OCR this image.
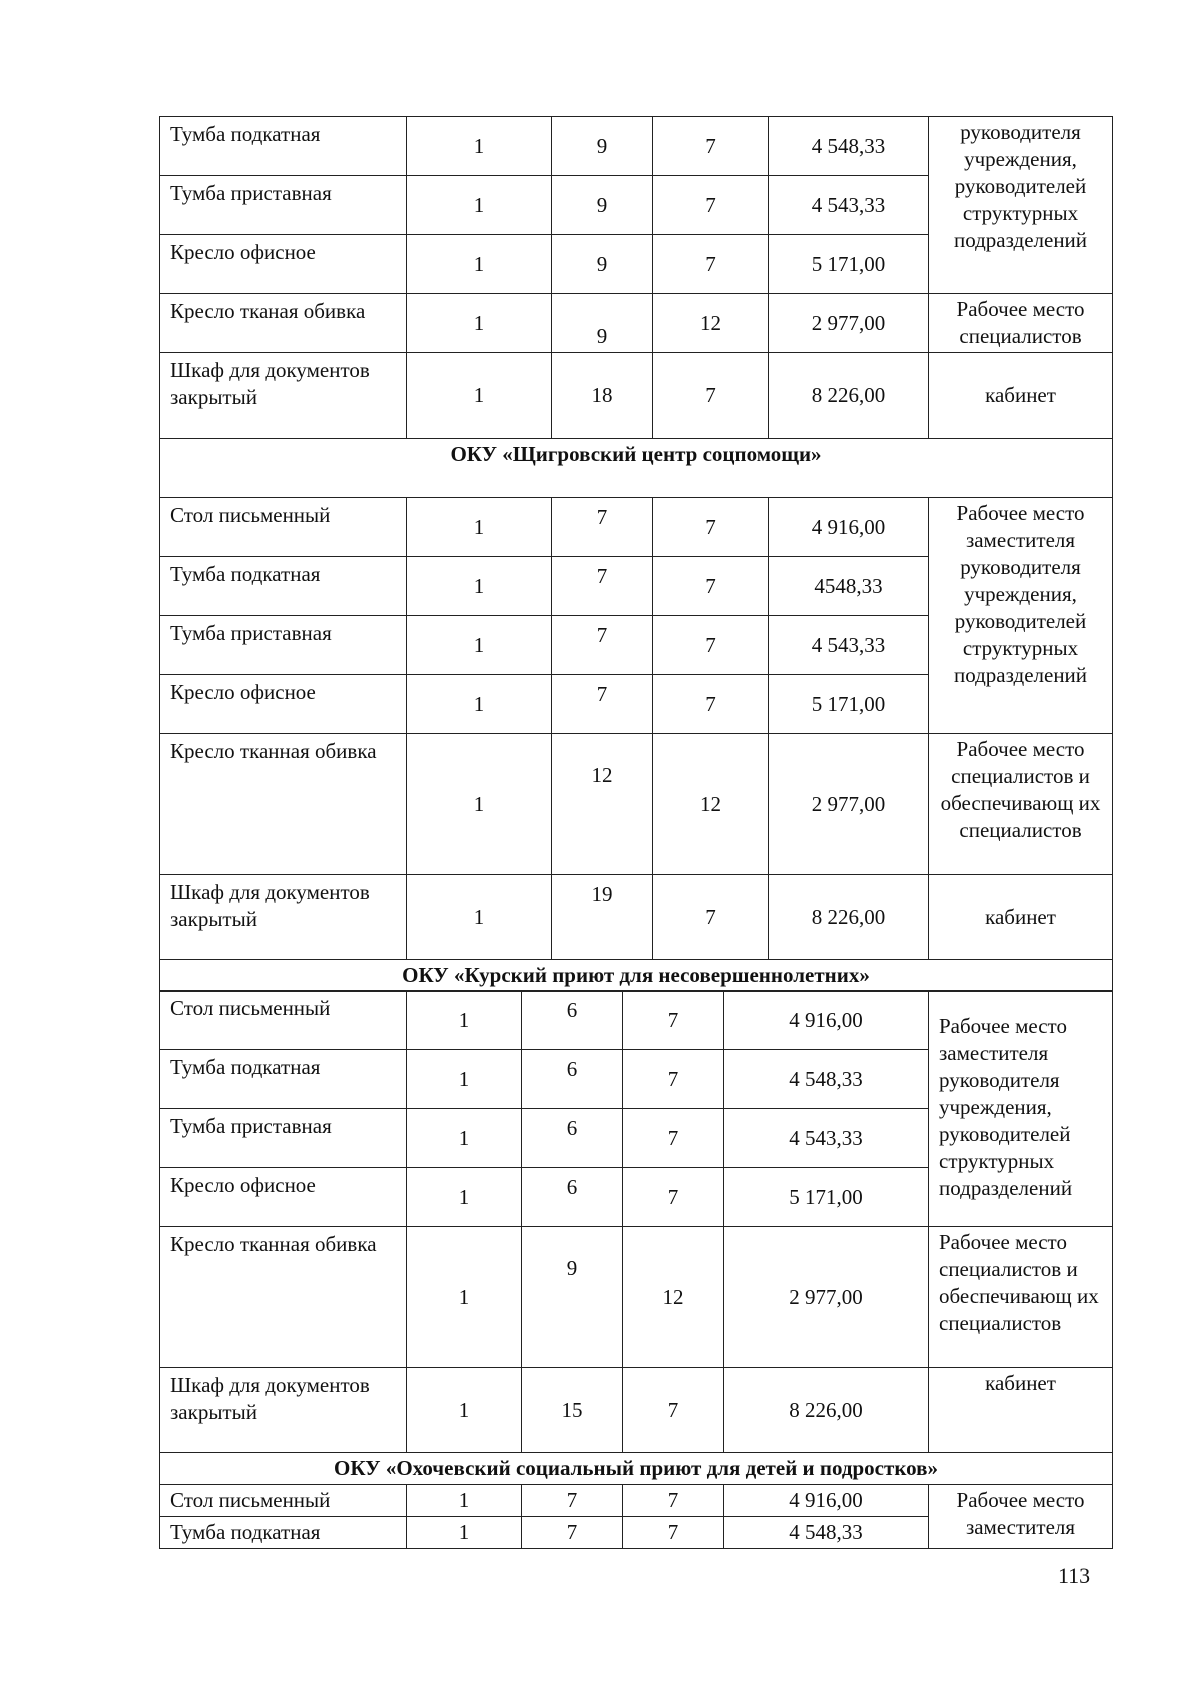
Тумба подкатная	1	9	7	4 548,33	руководителя учреждения, руководителей структурных подразделений
Тумба приставная	1	9	7	4 543,33	
Кресло офисное	1	9	7	5 171,00	
Кресло тканая обивка	1	9	12	2 977,00	Рабочее место специалистов
Шкаф для документов закрытый	1	18	7	8 226,00	кабинет
ОКУ «Щигровский центр соцпомощи»					
Стол письменный	1	7	7	4 916,00	Рабочее место заместителя руководителя учреждения, руководителей структурных подразделений
Тумба подкатная	1	7	7	4548,33	
Тумба приставная	1	7	7	4 543,33	
Кресло офисное	1	7	7	5 171,00	
Кресло тканная обивка	1	12	12	2 977,00	Рабочее место специалистов и обеспечивающ их специалистов
Шкаф для документов закрытый	1	19	7	8 226,00	кабинет
ОКУ «Курский приют для несовершеннолетних»					
Стол письменный	1	6	7	4 916,00	Рабочее место заместителя руководителя учреждения, руководителей структурных подразделений
Тумба подкатная	1	6	7	4 548,33	
Тумба приставная	1	6	7	4 543,33	
Кресло офисное	1	6	7	5 171,00	
Кресло тканная обивка	1	9	12	2 977,00	Рабочее место специалистов и обеспечивающ их специалистов
Шкаф для документов закрытый	1	15	7	8 226,00	кабинет
ОКУ «Охочевский социальный приют для детей и подростков»					
Стол письменный	1	7	7	4 916,00	Рабочее место заместителя
Тумба подкатная	1	7	7	4 548,33	
113
